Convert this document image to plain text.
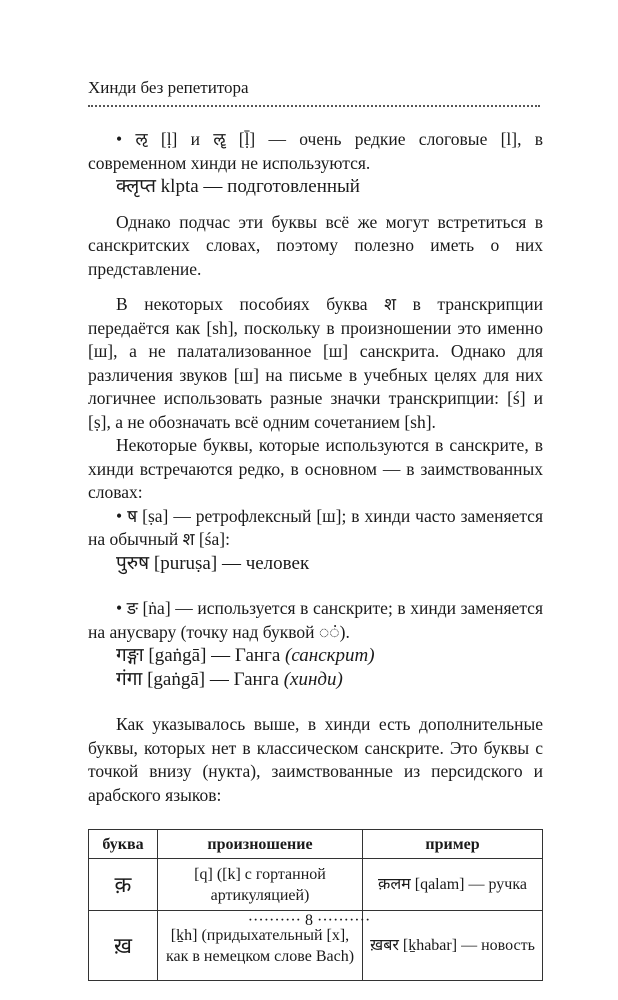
Хинди без репетитора

• ऌ [ḷ] и ॡ [ḹ] — очень редкие слоговые [l], в современном хинди не используются.

क्लृप्त klpta — подготовленный

Однако подчас эти буквы всё же могут встретиться в санскритских словах, поэтому полезно иметь о них представление.

В некоторых пособиях буква श в транскрипции передаётся как [sh], поскольку в произношении это именно [ш], а не палатализованное [ш] санскрита. Однако для различения звуков [ш] на письме в учебных целях для них логичнее использовать разные значки транскрипции: [ś] и [ṣ], а не обозначать всё одним сочетанием [sh].

Некоторые буквы, которые используются в санскрите, в хинди встречаются редко, в основном — в заимствованных словах:

• ष [ṣa] — ретрофлексный [ш]; в хинди часто заменяется на обычный श [śa]:

पुरुष [puruṣa] — человек

• ङ [ṅa] — используется в санскрите; в хинди заменяется на анусвару (точку над буквой ◌ं).

गङ्गा [gaṅgā] — Ганга (санскрит)

गंगा [gaṅgā] — Ганга (хинди)

Как указывалось выше, в хинди есть дополнительные буквы, которых нет в классическом санскрите. Это буквы с точкой внизу (нукта), заимствованные из персидского и арабского языков:

буква	произношение	пример
क़	[q] ([k] с гортанной артикуляцией)	क़लम [qalam] — ручка
ख़	[ḵh] (придыхательный [х], как в немецком слове Bach)	ख़बर [ḵhabar] — новость
·········· 8 ··········
